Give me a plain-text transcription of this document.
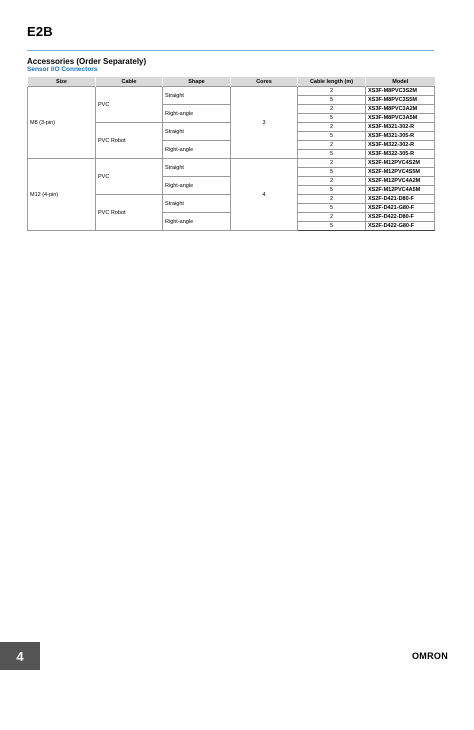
E2B
Accessories (Order Separately)
Sensor I/O Connectors
Size	Cable	Shape	Cores	Cable length (m)	Model
M8 (3-pin)	PVC	Straight	3	2	XS3F-M8PVC3S2M
				5	XS3F-M8PVC3S5M
		Right-angle		2	XS3F-M8PVC3A2M
				5	XS3F-M8PVC3A5M
	PVC Robot	Straight		2	XS3F-M321-302-R
				5	XS3F-M321-305-R
		Right-angle		2	XS3F-M322-302-R
				5	XS3F-M322-305-R
M12 (4-pin)	PVC	Straight	4	2	XS2F-M12PVC4S2M
				5	XS2F-M12PVC4S5M
		Right-angle		2	XS2F-M12PVC4A2M
				5	XS2F-M12PVC4A5M
	PVC Robot	Straight		2	XS2F-D421-D80-F
				5	XS2F-D421-G80-F
		Right-angle		2	XS2F-D422-D80-F
				5	XS2F-D422-G80-F
4	OMRON
